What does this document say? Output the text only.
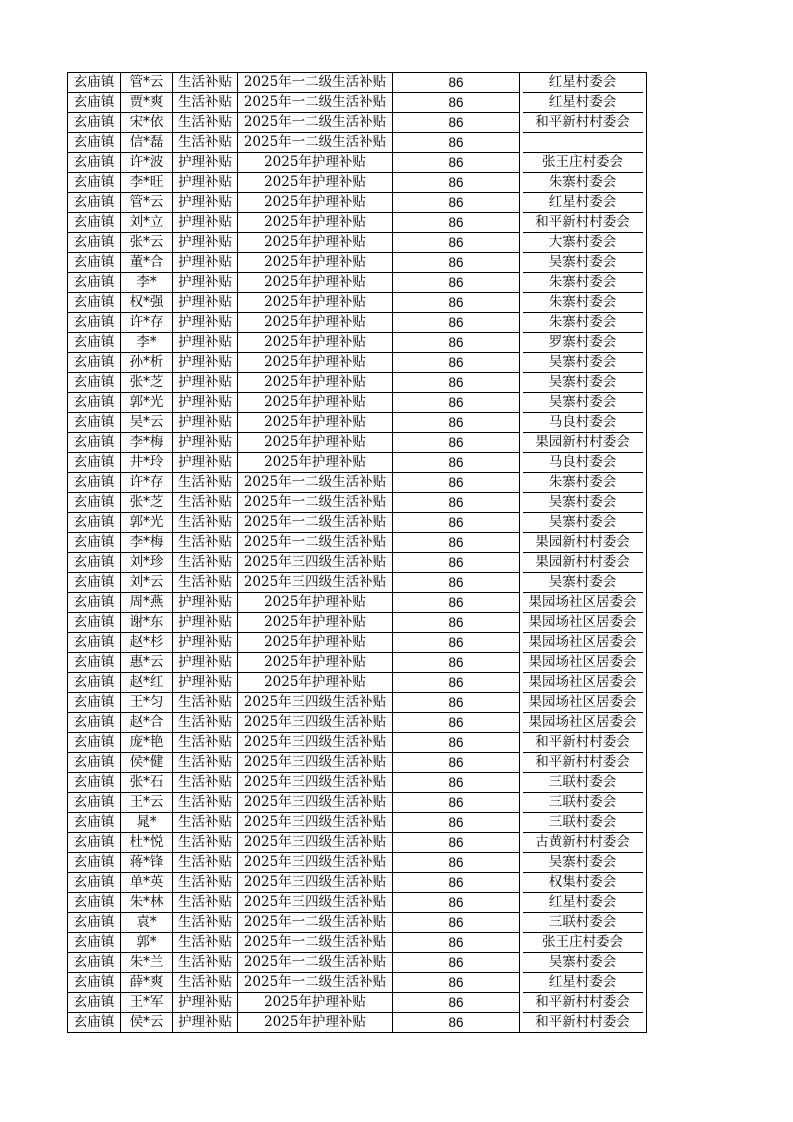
玄庙镇	管*云	生活补贴	2025年一二级生活补贴	86		红星村委会	
玄庙镇	贾*爽	生活补贴	2025年一二级生活补贴	86		红星村委会	
玄庙镇	宋*依	生活补贴	2025年一二级生活补贴	86		和平新村村委会	
玄庙镇	信*磊	生活补贴	2025年一二级生活补贴	86			
玄庙镇	许*波	护理补贴	2025年护理补贴	86		张王庄村委会	
玄庙镇	李*旺	护理补贴	2025年护理补贴	86		朱寨村委会	
玄庙镇	管*云	护理补贴	2025年护理补贴	86		红星村委会	
玄庙镇	刘*立	护理补贴	2025年护理补贴	86		和平新村村委会	
玄庙镇	张*云	护理补贴	2025年护理补贴	86		大寨村委会	
玄庙镇	董*合	护理补贴	2025年护理补贴	86		吴寨村委会	
玄庙镇	李*	护理补贴	2025年护理补贴	86		朱寨村委会	
玄庙镇	权*强	护理补贴	2025年护理补贴	86		朱寨村委会	
玄庙镇	许*存	护理补贴	2025年护理补贴	86		朱寨村委会	
玄庙镇	李*	护理补贴	2025年护理补贴	86		罗寨村委会	
玄庙镇	孙*析	护理补贴	2025年护理补贴	86		吴寨村委会	
玄庙镇	张*芝	护理补贴	2025年护理补贴	86		吴寨村委会	
玄庙镇	郭*光	护理补贴	2025年护理补贴	86		吴寨村委会	
玄庙镇	吴*云	护理补贴	2025年护理补贴	86		马良村委会	
玄庙镇	李*梅	护理补贴	2025年护理补贴	86		果园新村村委会	
玄庙镇	井*玲	护理补贴	2025年护理补贴	86		马良村委会	
玄庙镇	许*存	生活补贴	2025年一二级生活补贴	86		朱寨村委会	
玄庙镇	张*芝	生活补贴	2025年一二级生活补贴	86		吴寨村委会	
玄庙镇	郭*光	生活补贴	2025年一二级生活补贴	86		吴寨村委会	
玄庙镇	李*梅	生活补贴	2025年一二级生活补贴	86		果园新村村委会	
玄庙镇	刘*珍	生活补贴	2025年三四级生活补贴	86		果园新村村委会	
玄庙镇	刘*云	生活补贴	2025年三四级生活补贴	86		吴寨村委会	
玄庙镇	周*燕	护理补贴	2025年护理补贴	86		果园场社区居委会	
玄庙镇	谢*东	护理补贴	2025年护理补贴	86		果园场社区居委会	
玄庙镇	赵*杉	护理补贴	2025年护理补贴	86		果园场社区居委会	
玄庙镇	惠*云	护理补贴	2025年护理补贴	86		果园场社区居委会	
玄庙镇	赵*红	护理补贴	2025年护理补贴	86		果园场社区居委会	
玄庙镇	王*匀	生活补贴	2025年三四级生活补贴	86		果园场社区居委会	
玄庙镇	赵*合	生活补贴	2025年三四级生活补贴	86		果园场社区居委会	
玄庙镇	庞*艳	生活补贴	2025年三四级生活补贴	86		和平新村村委会	
玄庙镇	侯*健	生活补贴	2025年三四级生活补贴	86		和平新村村委会	
玄庙镇	张*石	生活补贴	2025年三四级生活补贴	86		三联村委会	
玄庙镇	王*云	生活补贴	2025年三四级生活补贴	86		三联村委会	
玄庙镇	晁*	生活补贴	2025年三四级生活补贴	86		三联村委会	
玄庙镇	杜*悦	生活补贴	2025年三四级生活补贴	86		古黄新村村委会	
玄庙镇	蒋*锋	生活补贴	2025年三四级生活补贴	86		吴寨村委会	
玄庙镇	单*英	生活补贴	2025年三四级生活补贴	86		权集村委会	
玄庙镇	朱*林	生活补贴	2025年三四级生活补贴	86		红星村委会	
玄庙镇	袁*	生活补贴	2025年一二级生活补贴	86		三联村委会	
玄庙镇	郭*	生活补贴	2025年一二级生活补贴	86		张王庄村委会	
玄庙镇	朱*兰	生活补贴	2025年一二级生活补贴	86		吴寨村委会	
玄庙镇	薛*爽	生活补贴	2025年一二级生活补贴	86		红星村委会	
玄庙镇	王*军	护理补贴	2025年护理补贴	86		和平新村村委会	
玄庙镇	侯*云	护理补贴	2025年护理补贴	86		和平新村村委会	
